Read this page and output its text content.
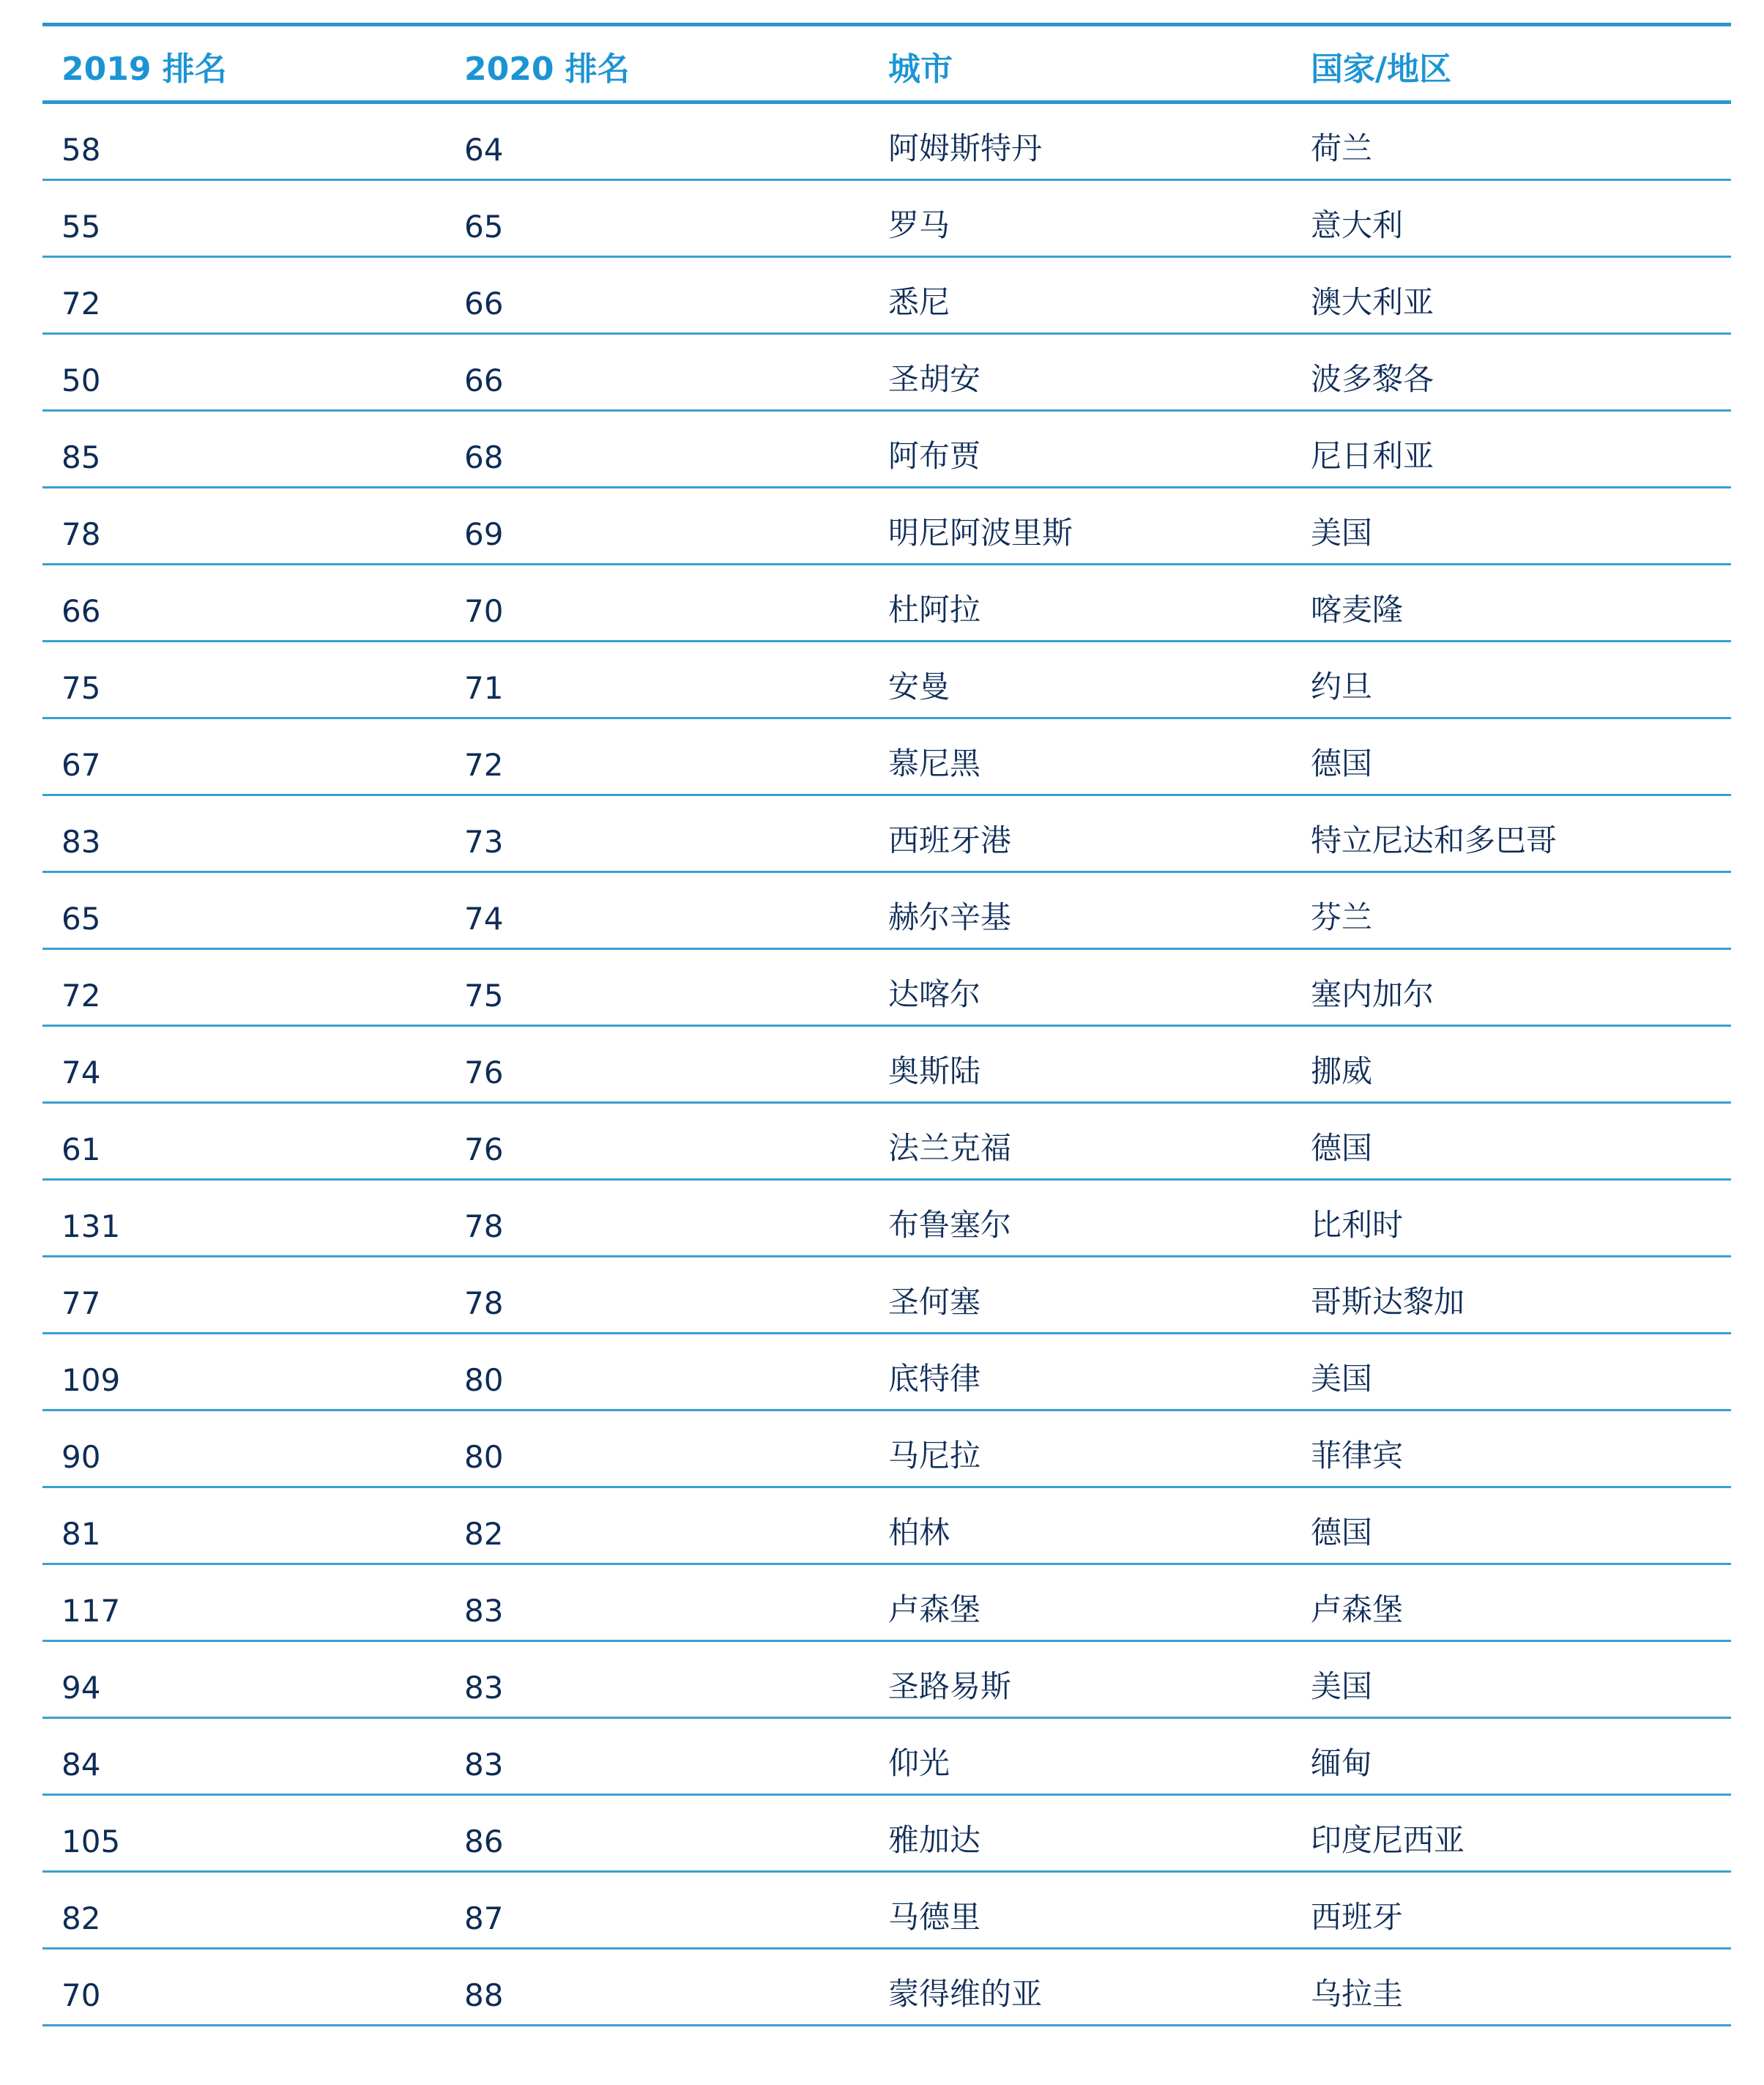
2019 排名	2020 排名	城市	国家/地区
58	64	阿姆斯特丹	荷兰
55	65	罗马	意大利
72	66	悉尼	澳大利亚
50	66	圣胡安	波多黎各
85	68	阿布贾	尼日利亚
78	69	明尼阿波里斯	美国
66	70	杜阿拉	喀麦隆
75	71	安曼	约旦
67	72	慕尼黑	德国
83	73	西班牙港	特立尼达和多巴哥
65	74	赫尔辛基	芬兰
72	75	达喀尔	塞内加尔
74	76	奥斯陆	挪威
61	76	法兰克福	德国
131	78	布鲁塞尔	比利时
77	78	圣何塞	哥斯达黎加
109	80	底特律	美国
90	80	马尼拉	菲律宾
81	82	柏林	德国
117	83	卢森堡	卢森堡
94	83	圣路易斯	美国
84	83	仰光	缅甸
105	86	雅加达	印度尼西亚
82	87	马德里	西班牙
70	88	蒙得维的亚	乌拉圭
